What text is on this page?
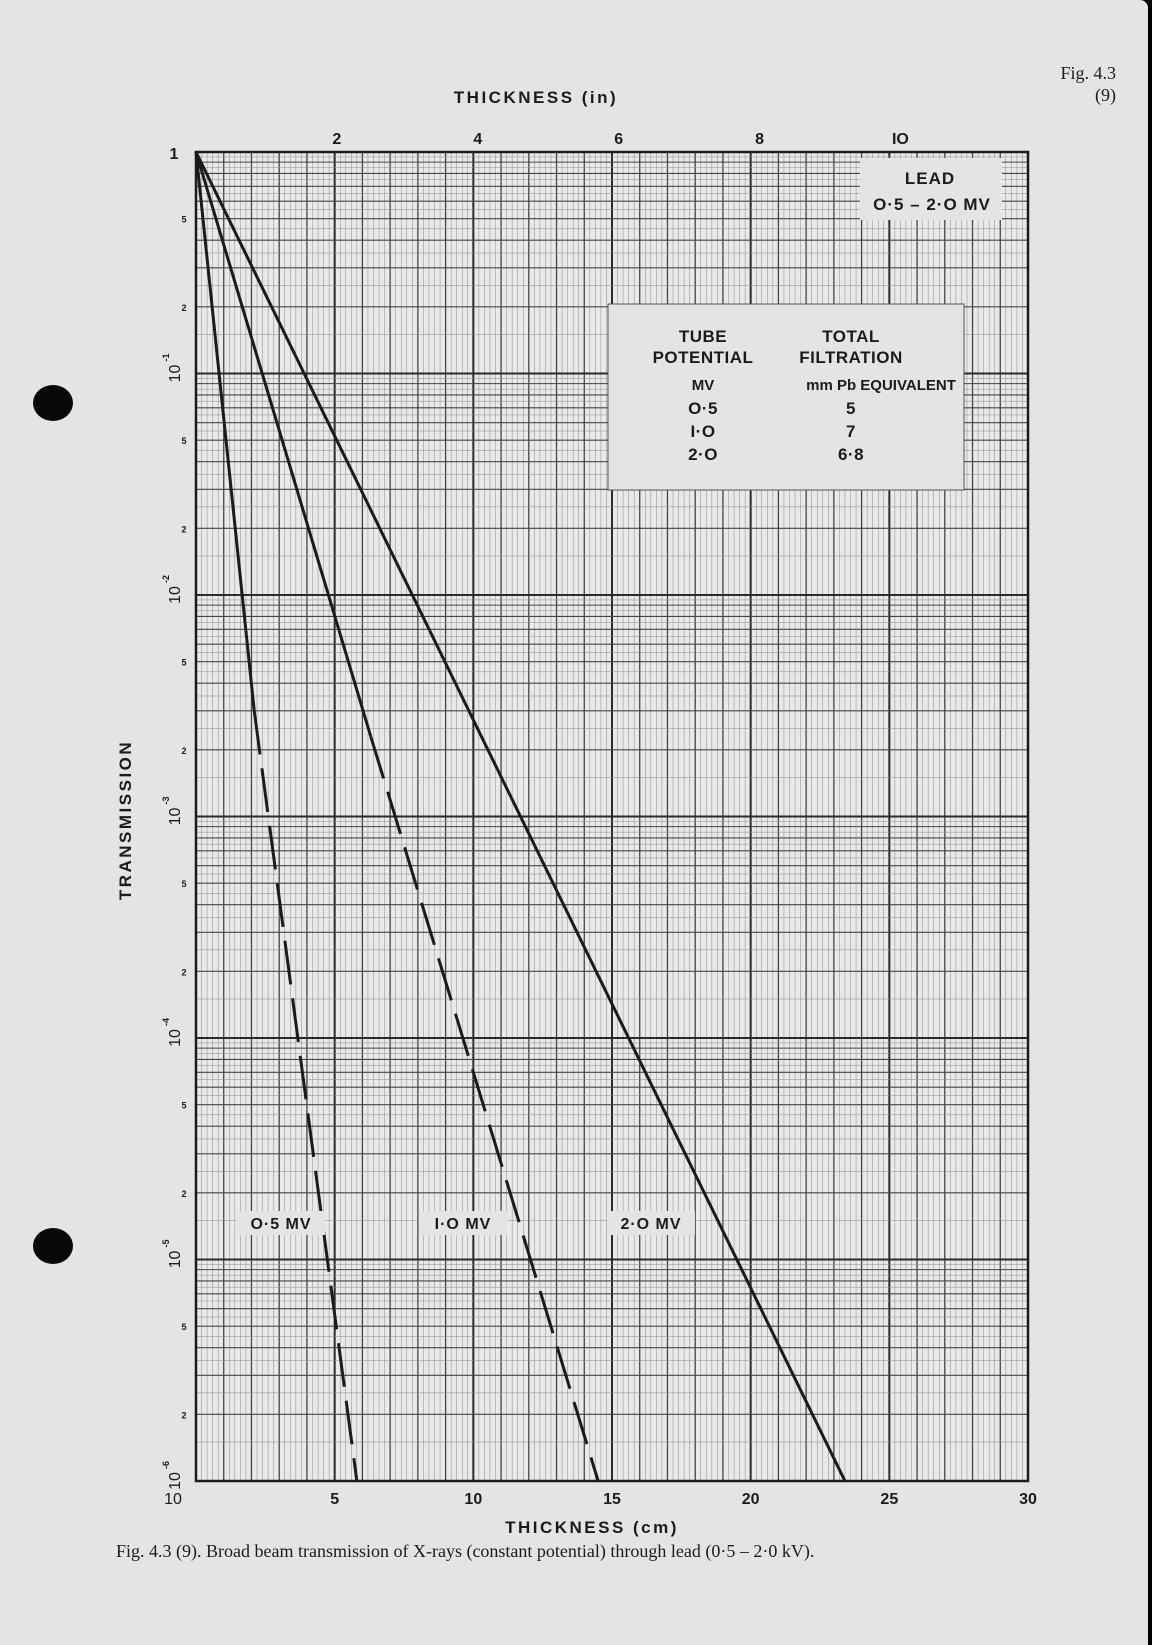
Fig. 4.3
(9)
5	10	15	20	25	30
10
THICKNESS (cm)
2	4	6	8	IO
THICKNESS (in)
1
10
-1
10
-2
10
-3
10
-4
10
-5
10
-6
5
2
5
2
5
2
5
2
5
2
5
2
TRANSMISSION
O·5 MV	I·O MV	2·O MV
LEAD
O·5 – 2·O MV
TUBE
POTENTIAL
TOTAL
FILTRATION
MV	mm Pb EQUIVALENT
O·5	5
I·O	7
2·O	6·8
Fig. 4.3 (9). Broad beam transmission of X-rays (constant potential) through lead (0·5 – 2·0 kV).
